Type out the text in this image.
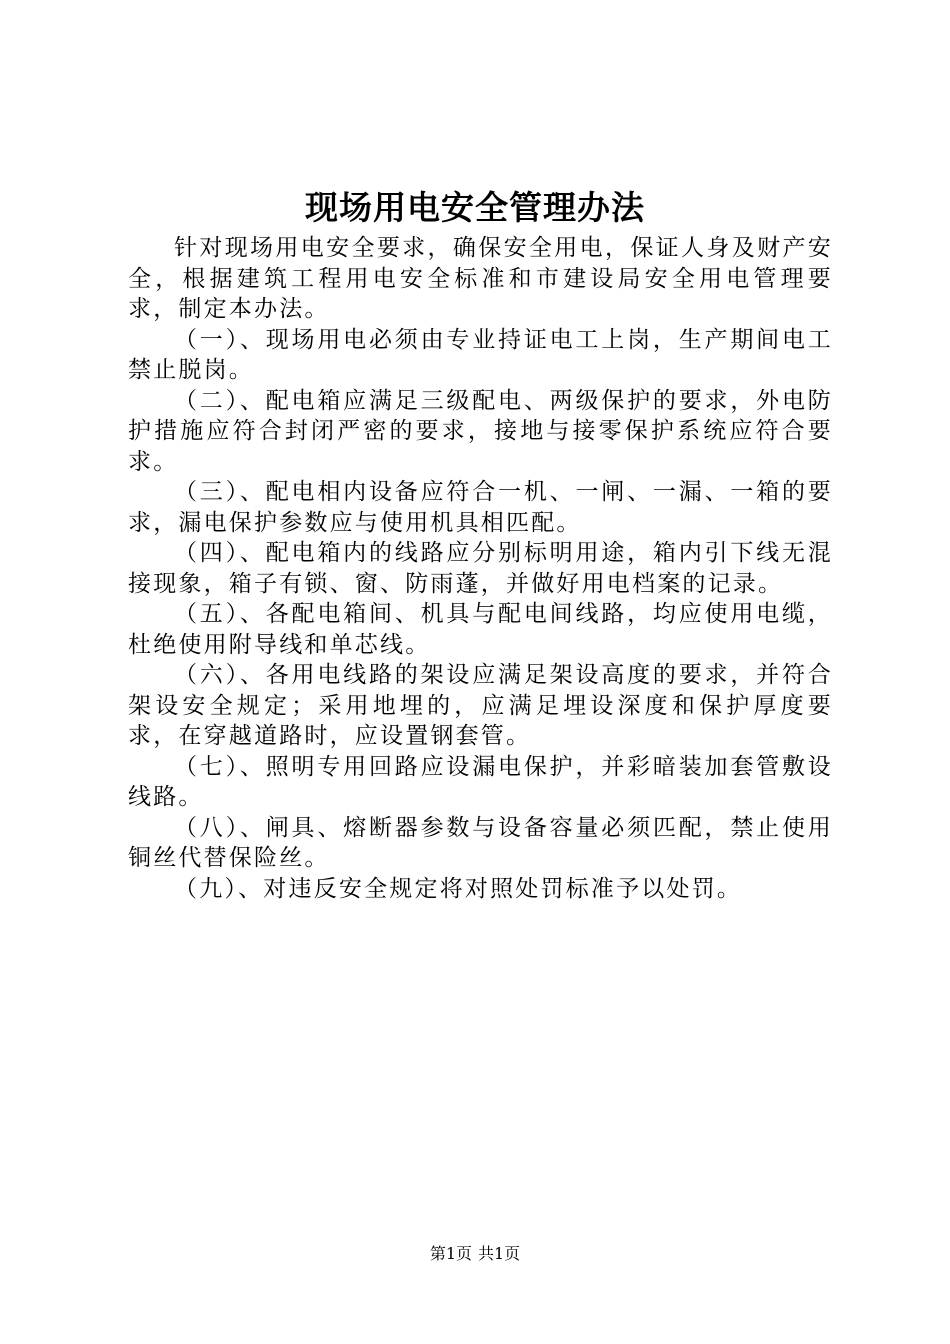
现场用电安全管理办法

针对现场用电安全要求，确保安全用电，保证人身及财产安全，根据建筑工程用电安全标准和市建设局安全用电管理要求，制定本办法。

（一）、现场用电必须由专业持证电工上岗，生产期间电工禁止脱岗。

（二）、配电箱应满足三级配电、两级保护的要求，外电防护措施应符合封闭严密的要求，接地与接零保护系统应符合要求。

（三）、配电相内设备应符合一机、一闸、一漏、一箱的要求，漏电保护参数应与使用机具相匹配。

（四）、配电箱内的线路应分别标明用途，箱内引下线无混接现象，箱子有锁、窗、防雨蓬，并做好用电档案的记录。

（五）、各配电箱间、机具与配电间线路，均应使用电缆，杜绝使用附导线和单芯线。

（六）、各用电线路的架设应满足架设高度的要求，并符合架设安全规定；采用地埋的，应满足埋设深度和保护厚度要求，在穿越道路时，应设置钢套管。

（七）、照明专用回路应设漏电保护，并彩暗装加套管敷设线路。

（八）、闸具、熔断器参数与设备容量必须匹配，禁止使用铜丝代替保险丝。

（九）、对违反安全规定将对照处罚标准予以处罚。

第1页 共1页
